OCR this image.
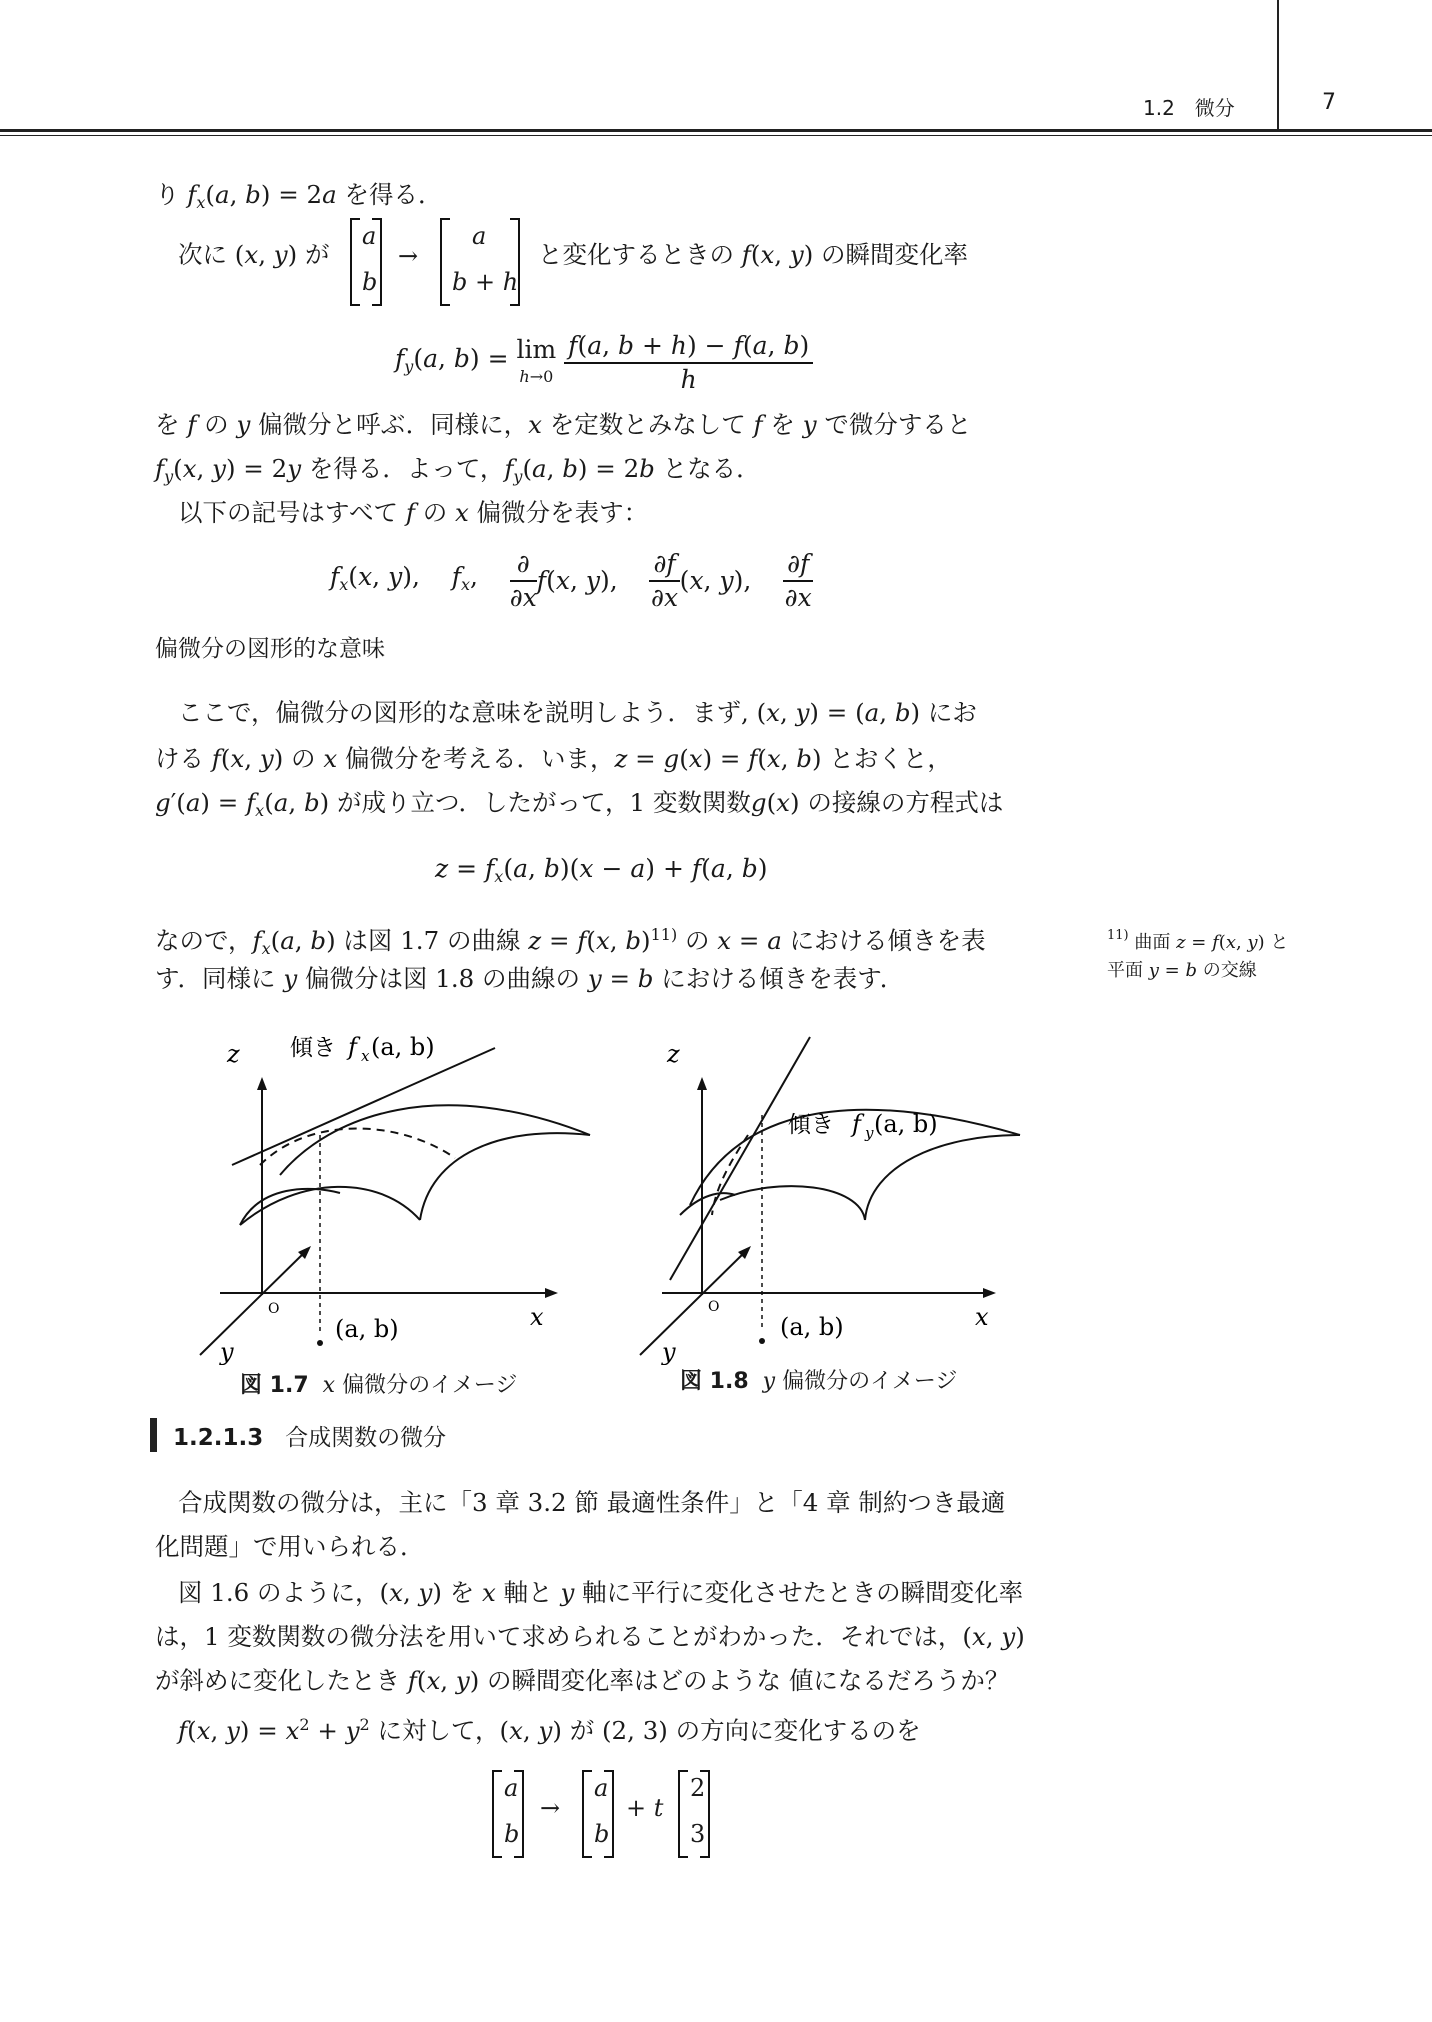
1.2　微分	7
り $f_x(a$, b) = 2a を得る．
次に (x, y) が
a
b
→
a
b + h
と変化するときの f(x, y) の瞬間変化率
$f_y(a$, b) = lim
$h\to 0 \frac{f(a, b + h) - f(a, b)}{h}$
を f の y 偏微分と呼ぶ．同様に，x を定数とみなして f を y で微分すると
$f_y(x$, y) = 2y を得る．よって，$f_y(a$, b) = 2b となる．
以下の記号はすべて f の x 偏微分を表す：
$f_x(x$, y),    $f_x$, $\frac{\partial}{\partial x} f(x$, y), $\frac{\partial f}{\partial x} (x$, y), $\frac{\partial f}{\partial x}$
偏微分の図形的な意味
ここで，偏微分の図形的な意味を説明しよう．まず, (x, y) = (a, b) にお
ける f(x, y) の x 偏微分を考える．いま，z = g(x) = f(x, b) とおくと，
$g'(a) = f_x(a$, b) が成り立つ．したがって，1 変数関数g(x) の接線の方程式は
$z = f_x(a$, b)(x − a) + f(a, b)
なので，$f_x(a$, b) は図 1.7 の曲線 z = f(x, b)$^{11)}$ の x = a における傾きを表
す．同様に y 偏微分は図 1.8 の曲線の y = b における傾きを表す．
$^{11)}$ 曲面 z = f(x, y) と
平面 y = b の交線
z
x
y
O
(a, b)
傾き f x (a, b)
図 1.7 x 偏微分のイメージ
z
x
y
O
(a, b)
傾き f y (a, b)
図 1.8 y 偏微分のイメージ
1.2.1.3 合成関数の微分
合成関数の微分は，主に「3 章 3.2 節 最適性条件」と「4 章 制約つき最適
化問題」で用いられる．
図 1.6 のように，(x, y) を x 軸と y 軸に平行に変化させたときの瞬間変化率
は，1 変数関数の微分法を用いて求められることがわかった．それでは，(x, y)
が斜めに変化したとき f(x, y) の瞬間変化率はどのような 値になるだろうか？
f(x, $y) = x^2 + y^2$ に対して，(x, y) が (2, 3) の方向に変化するのを
a
b
→
a
b
+ t
2
3
